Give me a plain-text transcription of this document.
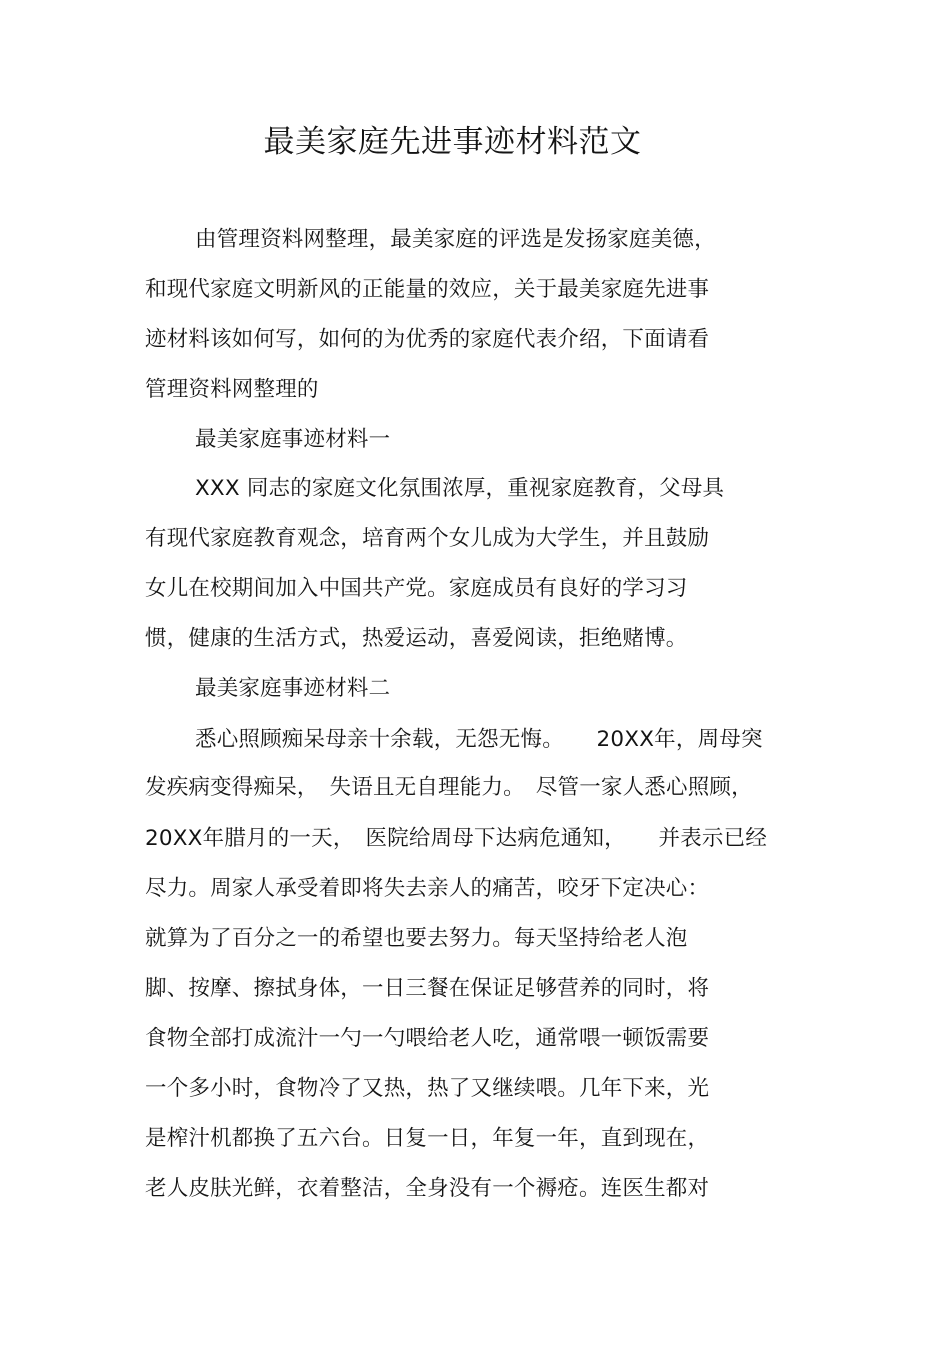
最美家庭先进事迹材料范文
由管理资料网整理，最美家庭的评选是发扬家庭美德，
和现代家庭文明新风的正能量的效应，关于最美家庭先进事
迹材料该如何写，如何的为优秀的家庭代表介绍，下面请看
管理资料网整理的
最美家庭事迹材料一
XXX 同志的家庭文化氛围浓厚，重视家庭教育，父母具
有现代家庭教育观念，培育两个女儿成为大学生，并且鼓励
女儿在校期间加入中国共产党。家庭成员有良好的学习习
惯，健康的生活方式，热爱运动，喜爱阅读，拒绝赌博。
最美家庭事迹材料二
悉心照顾痴呆母亲十余载，无怨无悔。　　20XX年，周母突
发疾病变得痴呆，　失语且无自理能力。　尽管一家人悉心照顾，
20XX年腊月的一天，　医院给周母下达病危通知，　　并表示已经
尽力。周家人承受着即将失去亲人的痛苦，咬牙下定决心：
就算为了百分之一的希望也要去努力。每天坚持给老人泡
脚、按摩、擦拭身体，一日三餐在保证足够营养的同时，将
食物全部打成流汁一勺一勺喂给老人吃，通常喂一顿饭需要
一个多小时，食物冷了又热，热了又继续喂。几年下来，光
是榨汁机都换了五六台。日复一日，年复一年，直到现在，
老人皮肤光鲜，衣着整洁，全身没有一个褥疮。连医生都对
